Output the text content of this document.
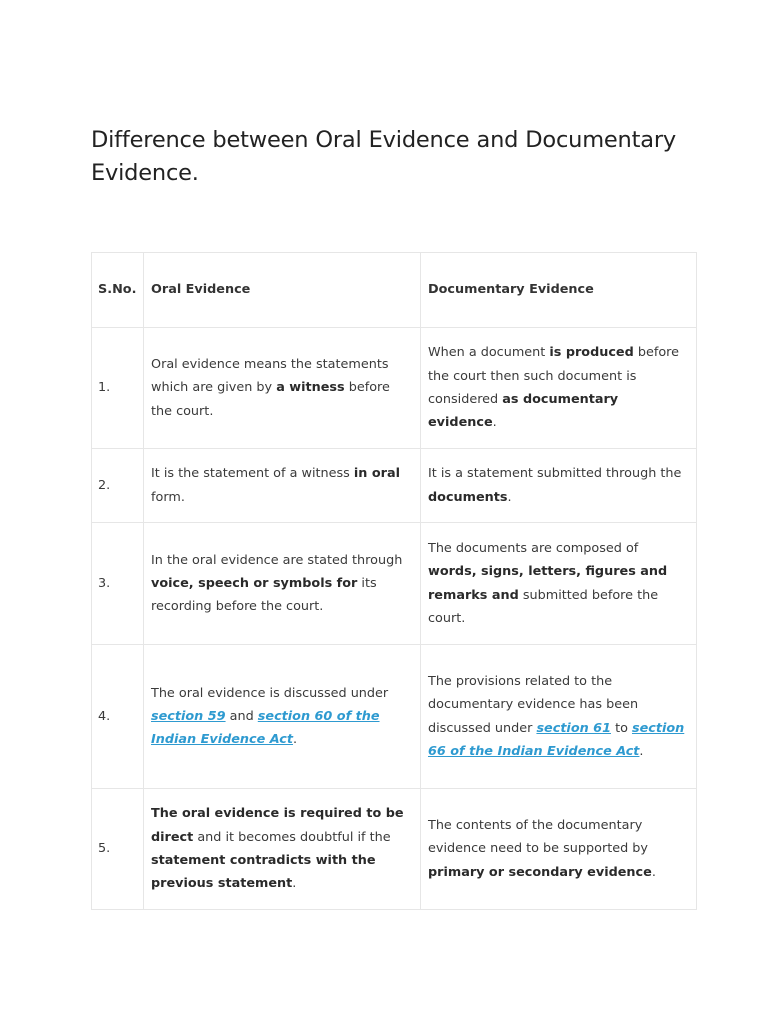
Difference between Oral Evidence and Documentary Evidence.
S.No.	Oral Evidence	Documentary Evidence
1.	Oral evidence means the statements which are given by a witness before the court.	When a document is produced before the court then such document is considered as documentary evidence.
2.	It is the statement of a witness in oral form.	It is a statement submitted through the documents.
3.	In the oral evidence are stated through voice, speech or symbols for its recording before the court.	The documents are composed of words, signs, letters, figures and remarks and submitted before the court.
4.	The oral evidence is discussed under section 59 and section 60 of the Indian Evidence Act.	The provisions related to the documentary evidence has been discussed under section 61 to section 66 of the Indian Evidence Act.
5.	The oral evidence is required to be direct and it becomes doubtful if the statement contradicts with the previous statement.	The contents of the documentary evidence need to be supported by primary or secondary evidence.
